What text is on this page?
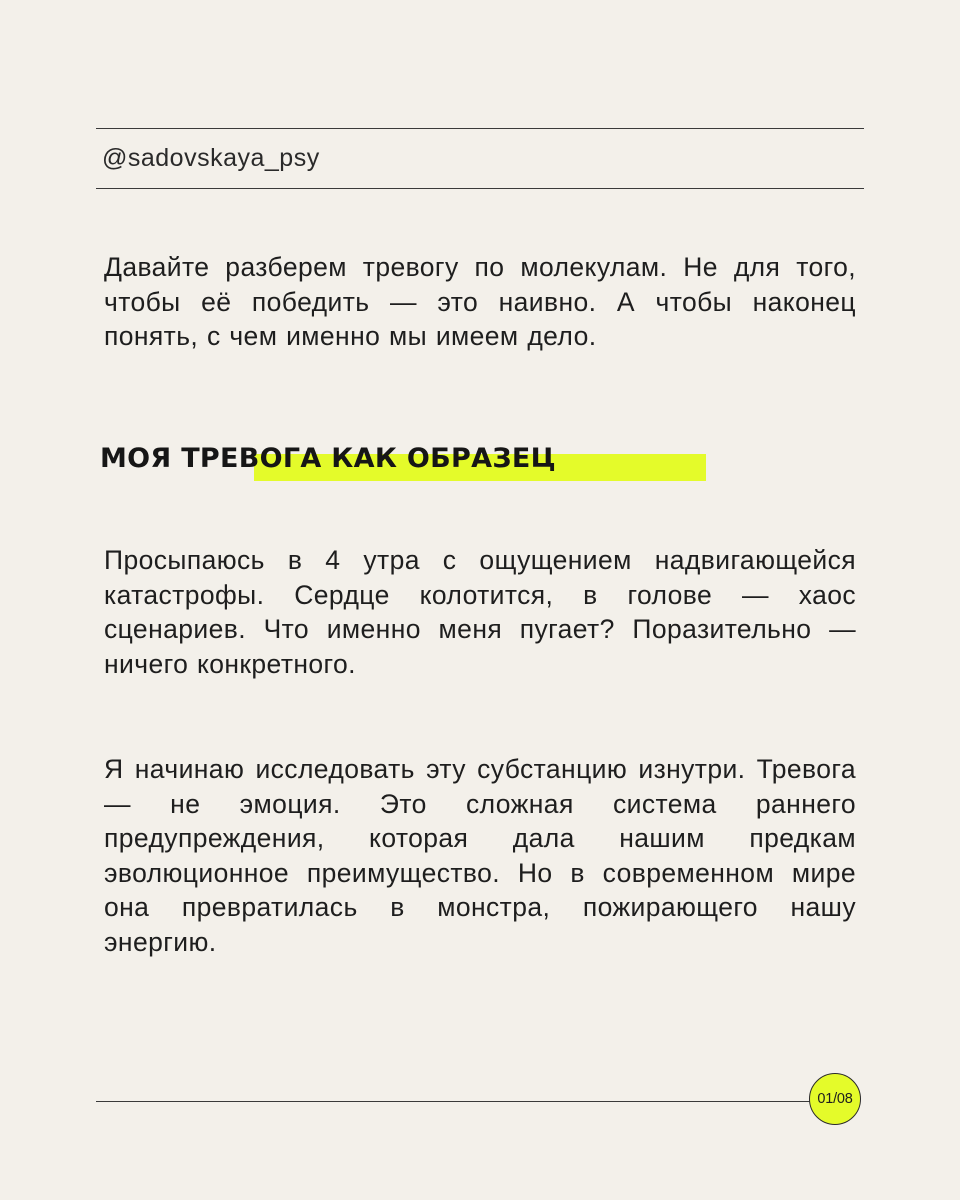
@sadovskaya_psy

Давайте разберем тревогу по молекулам. Не для того, чтобы её победить — это наивно. А чтобы наконец понять, с чем именно мы имеем дело.

МОЯ ТРЕВОГА КАК ОБРАЗЕЦ

Просыпаюсь в 4 утра с ощущением надвигающейся катастрофы. Сердце колотится, в голове — хаос сценариев. Что именно меня пугает? Поразительно — ничего конкретного.

Я начинаю исследовать эту субстанцию изнутри. Тревога — не эмоция. Это сложная система раннего предупреждения, которая дала нашим предкам эволюционное преимущество. Но в современном мире она превратилась в монстра, пожирающего нашу энергию.

01/08
